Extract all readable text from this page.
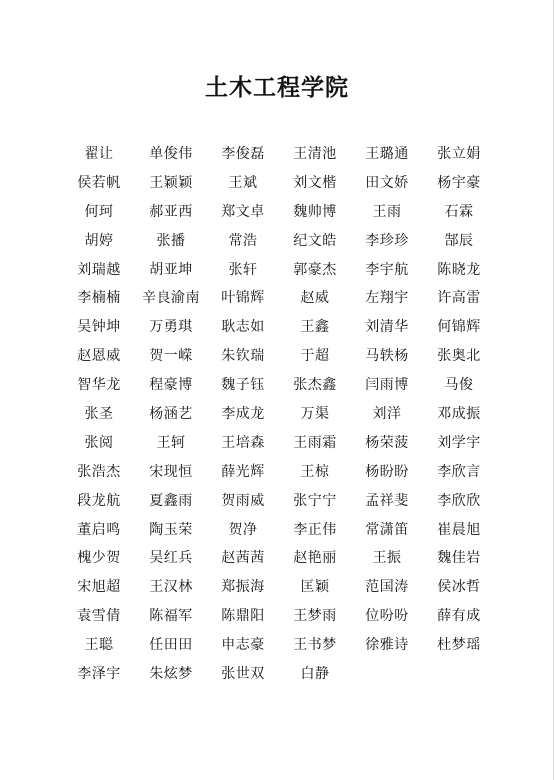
土木工程学院
翟让	单俊伟	李俊磊	王清池	王璐通	张立娟
侯若帆	王颖颖	王斌	刘文楷	田文娇	杨宇豪
何珂	郝亚西	郑文卓	魏帅博	王雨	石霖
胡婷	张播	常浩	纪文皓	李珍珍	郜辰
刘瑞越	胡亚坤	张轩	郭豪杰	李宇航	陈晓龙
李楠楠	辛良渝南	叶锦辉	赵威	左翔宇	许高雷
吴钟坤	万勇琪	耿志如	王鑫	刘清华	何锦辉
赵恩威	贺一嵘	朱钦瑞	于超	马轶杨	张奥北
智华龙	程豪博	魏子钰	张杰鑫	闫雨博	马俊
张圣	杨涵艺	李成龙	万渠	刘洋	邓成振
张阅	王轲	王培森	王雨霜	杨荣菠	刘学宇
张浩杰	宋现恒	薛光辉	王椋	杨盼盼	李欣言
段龙航	夏鑫雨	贺雨威	张宁宁	孟祥斐	李欣欣
董启鸣	陶玉荣	贺净	李正伟	常潇笛	崔晨旭
槐少贺	吴红兵	赵茜茜	赵艳丽	王振	魏佳岩
宋旭超	王汉林	郑振海	匡颖	范国涛	侯冰哲
袁雪倩	陈福军	陈鼎阳	王梦雨	位吩吩	薛有成
王聪	任田田	申志豪	王书梦	徐雅诗	杜梦瑶
李泽宇	朱炫梦	张世双	白静
